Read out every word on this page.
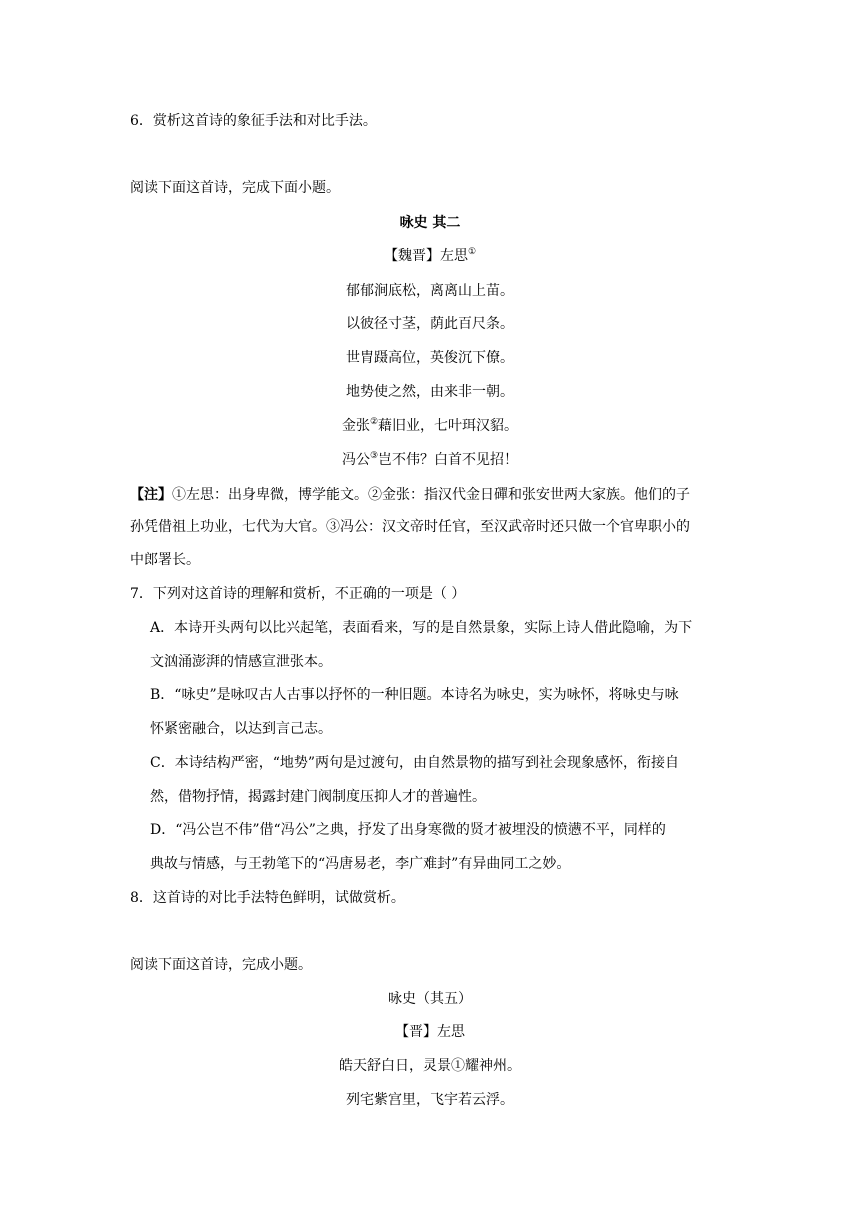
6．赏析这首诗的象征手法和对比手法。
阅读下面这首诗，完成下面小题。
咏史 其二
【魏晋】左思①
郁郁涧底松，离离山上苗。
以彼径寸茎，荫此百尺条。
世胄蹑高位，英俊沉下僚。
地势使之然，由来非一朝。
金张②藉旧业，七叶珥汉貂。
冯公③岂不伟？白首不见招！
【注】①左思：出身卑微，博学能文。②金张：指汉代金日磾和张安世两大家族。他们的子
孙凭借祖上功业，七代为大官。③冯公：汉文帝时任官，至汉武帝时还只做一个官卑职小的
中郎署长。
7．下列对这首诗的理解和赏析，不正确的一项是（ ）
A．本诗开头两句以比兴起笔，表面看来，写的是自然景象，实际上诗人借此隐喻，为下
文汹涌澎湃的情感宣泄张本。
B．“咏史”是咏叹古人古事以抒怀的一种旧题。本诗名为咏史，实为咏怀，将咏史与咏
怀紧密融合，以达到言己志。
C．本诗结构严密，“地势”两句是过渡句，由自然景物的描写到社会现象感怀，衔接自
然，借物抒情，揭露封建门阀制度压抑人才的普遍性。
D．“冯公岂不伟”借“冯公”之典，抒发了出身寒微的贤才被埋没的愤懑不平，同样的
典故与情感，与王勃笔下的“冯唐易老，李广难封”有异曲同工之妙。
8．这首诗的对比手法特色鲜明，试做赏析。
阅读下面这首诗，完成小题。
咏史（其五）
【晋】左思
皓天舒白日，灵景①耀神州。
列宅紫宫里，飞宇若云浮。
